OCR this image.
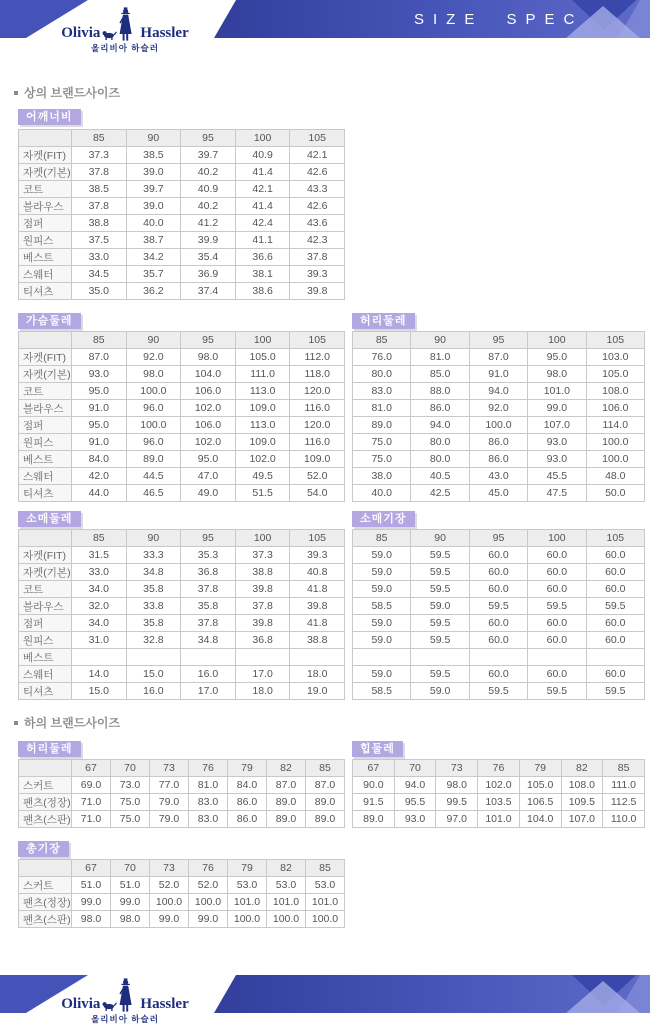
SIZE SPEC
Olivia	Hassler
올리비아 하슬러
상의 브랜드사이즈
어깨너비
	85	90	95	100	105
자켓(FIT)	37.3	38.5	39.7	40.9	42.1
자켓(기본)	37.8	39.0	40.2	41.4	42.6
코트	38.5	39.7	40.9	42.1	43.3
블라우스	37.8	39.0	40.2	41.4	42.6
점퍼	38.8	40.0	41.2	42.4	43.6
원피스	37.5	38.7	39.9	41.1	42.3
베스트	33.0	34.2	35.4	36.6	37.8
스웨터	34.5	35.7	36.9	38.1	39.3
티셔츠	35.0	36.2	37.4	38.6	39.8
가슴둘레
	85	90	95	100	105
자켓(FIT)	87.0	92.0	98.0	105.0	112.0
자켓(기본)	93.0	98.0	104.0	111.0	118.0
코트	95.0	100.0	106.0	113.0	120.0
블라우스	91.0	96.0	102.0	109.0	116.0
점퍼	95.0	100.0	106.0	113.0	120.0
원피스	91.0	96.0	102.0	109.0	116.0
베스트	84.0	89.0	95.0	102.0	109.0
스웨터	42.0	44.5	47.0	49.5	52.0
티셔츠	44.0	46.5	49.0	51.5	54.0
허리둘레
85	90	95	100	105
76.0	81.0	87.0	95.0	103.0
80.0	85.0	91.0	98.0	105.0
83.0	88.0	94.0	101.0	108.0
81.0	86.0	92.0	99.0	106.0
89.0	94.0	100.0	107.0	114.0
75.0	80.0	86.0	93.0	100.0
75.0	80.0	86.0	93.0	100.0
38.0	40.5	43.0	45.5	48.0
40.0	42.5	45.0	47.5	50.0
소매둘레
	85	90	95	100	105
자켓(FIT)	31.5	33.3	35.3	37.3	39.3
자켓(기본)	33.0	34.8	36.8	38.8	40.8
코트	34.0	35.8	37.8	39.8	41.8
블라우스	32.0	33.8	35.8	37.8	39.8
점퍼	34.0	35.8	37.8	39.8	41.8
원피스	31.0	32.8	34.8	36.8	38.8
베스트					
스웨터	14.0	15.0	16.0	17.0	18.0
티셔츠	15.0	16.0	17.0	18.0	19.0
소매기장
85	90	95	100	105
59.0	59.5	60.0	60.0	60.0
59.0	59.5	60.0	60.0	60.0
59.0	59.5	60.0	60.0	60.0
58.5	59.0	59.5	59.5	59.5
59.0	59.5	60.0	60.0	60.0
59.0	59.5	60.0	60.0	60.0

59.0	59.5	60.0	60.0	60.0
58.5	59.0	59.5	59.5	59.5
하의 브랜드사이즈
허리둘레
	67	70	73	76	79	82	85
스커트	69.0	73.0	77.0	81.0	84.0	87.0	87.0
팬츠(정장)	71.0	75.0	79.0	83.0	86.0	89.0	89.0
팬츠(스판)	71.0	75.0	79.0	83.0	86.0	89.0	89.0
힙둘레
67	70	73	76	79	82	85
90.0	94.0	98.0	102.0	105.0	108.0	111.0
91.5	95.5	99.5	103.5	106.5	109.5	112.5
89.0	93.0	97.0	101.0	104.0	107.0	110.0
총기장
	67	70	73	76	79	82	85
스커트	51.0	51.0	52.0	52.0	53.0	53.0	53.0
팬츠(정장)	99.0	99.0	100.0	100.0	101.0	101.0	101.0
팬츠(스판)	98.0	98.0	99.0	99.0	100.0	100.0	100.0
Olivia	Hassler
올리비아 하슬러
